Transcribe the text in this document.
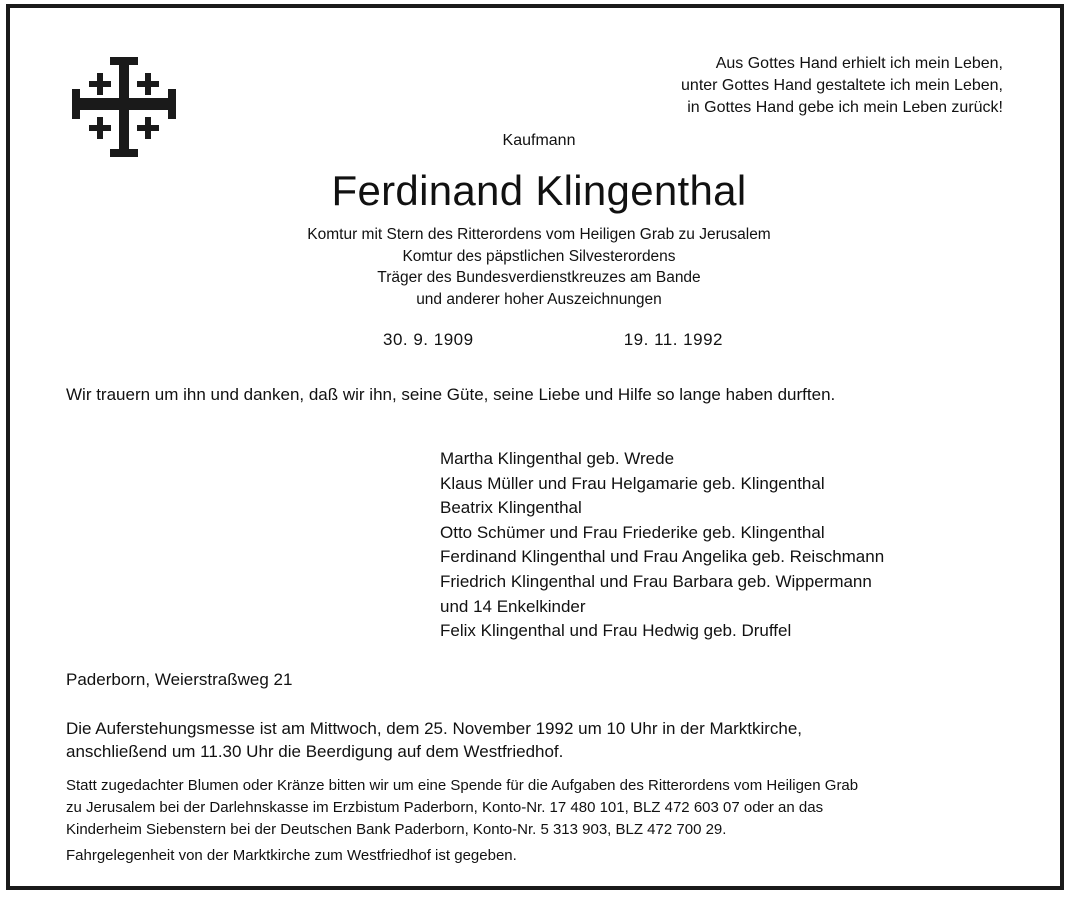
Aus Gottes Hand erhielt ich mein Leben,
unter Gottes Hand gestaltete ich mein Leben,
in Gottes Hand gebe ich mein Leben zurück!
Kaufmann
Ferdinand Klingenthal
Komtur mit Stern des Ritterordens vom Heiligen Grab zu Jerusalem
Komtur des päpstlichen Silvesterordens
Träger des Bundesverdienstkreuzes am Bande
und anderer hoher Auszeichnungen
30. 9. 1909	19. 11. 1992
Wir trauern um ihn und danken, daß wir ihn, seine Güte, seine Liebe und Hilfe so lange haben durften.
Martha Klingenthal geb. Wrede
Klaus Müller und Frau Helgamarie geb. Klingenthal
Beatrix Klingenthal
Otto Schümer und Frau Friederike geb. Klingenthal
Ferdinand Klingenthal und Frau Angelika geb. Reischmann
Friedrich Klingenthal und Frau Barbara geb. Wippermann
und 14 Enkelkinder
Felix Klingenthal und Frau Hedwig geb. Druffel
Paderborn, Weierstraßweg 21
Die Auferstehungsmesse ist am Mittwoch, dem 25. November 1992 um 10 Uhr in der Marktkirche,
anschließend um 11.30 Uhr die Beerdigung auf dem Westfriedhof.
Statt zugedachter Blumen oder Kränze bitten wir um eine Spende für die Aufgaben des Ritterordens vom Heiligen Grab
zu Jerusalem bei der Darlehnskasse im Erzbistum Paderborn, Konto-Nr. 17 480 101, BLZ 472 603 07 oder an das
Kinderheim Siebenstern bei der Deutschen Bank Paderborn, Konto-Nr. 5 313 903, BLZ 472 700 29.
Fahrgelegenheit von der Marktkirche zum Westfriedhof ist gegeben.
